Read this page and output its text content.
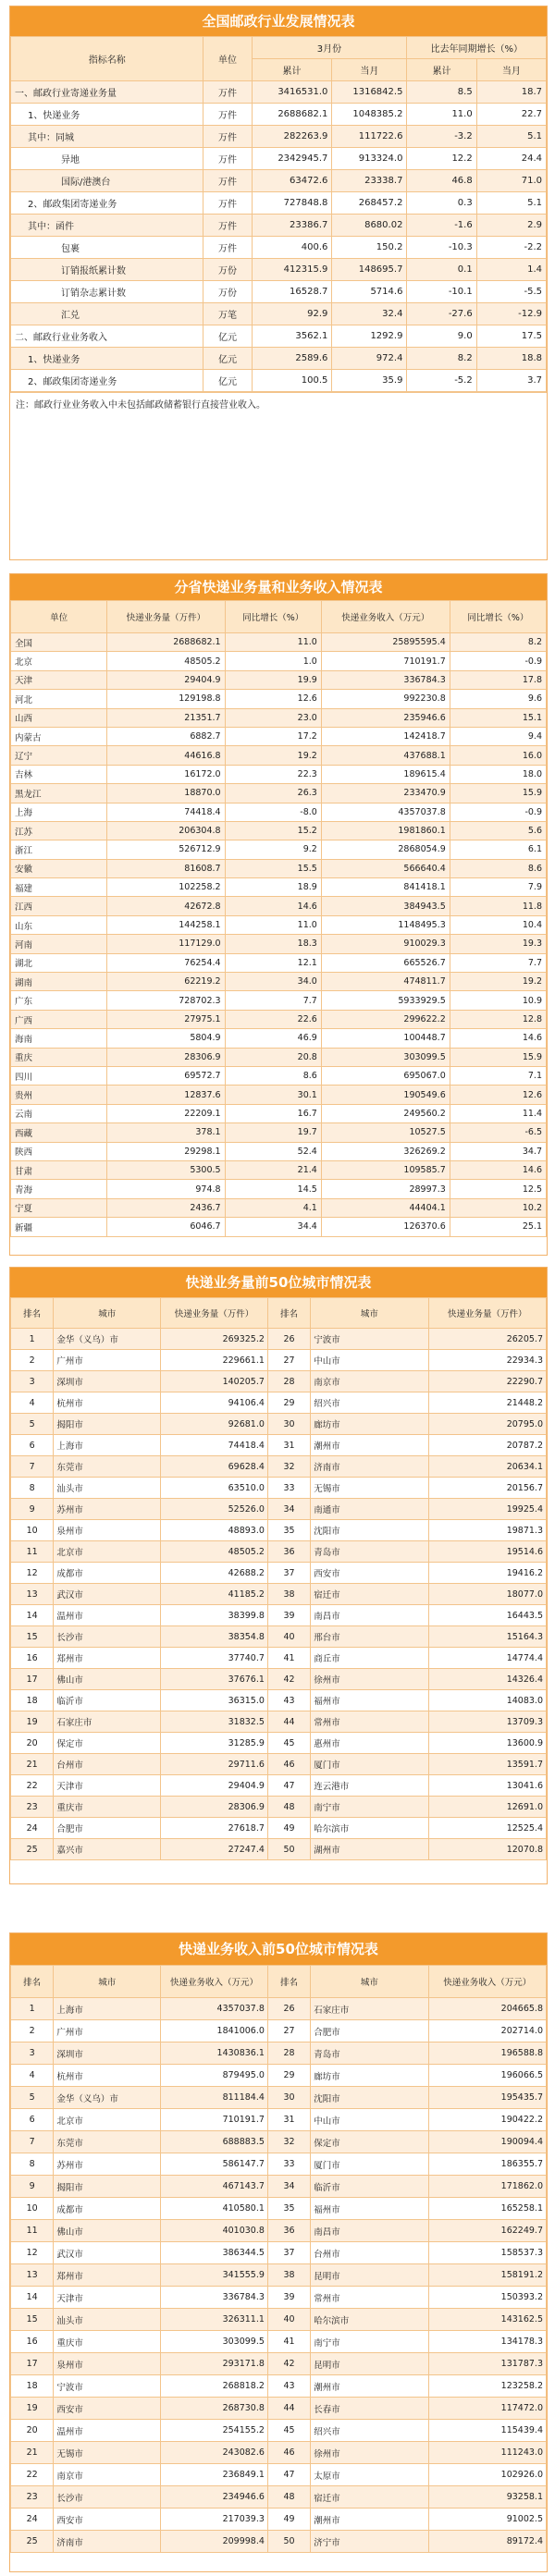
全国邮政行业发展情况表
指标名称	单位	3月份		比去年同期增长（%）	
		累计	当月	累计	当月
一、邮政行业寄递业务量	万件	3416531.0	1316842.5	8.5	18.7
1、快递业务	万件	2688682.1	1048385.2	11.0	22.7
其中：同城	万件	282263.9	111722.6	-3.2	5.1
异地	万件	2342945.7	913324.0	12.2	24.4
国际/港澳台	万件	63472.6	23338.7	46.8	71.0
2、邮政集团寄递业务	万件	727848.8	268457.2	0.3	5.1
其中：函件	万件	23386.7	8680.02	-1.6	2.9
包裹	万件	400.6	150.2	-10.3	-2.2
订销报纸累计数	万份	412315.9	148695.7	0.1	1.4
订销杂志累计数	万份	16528.7	5714.6	-10.1	-5.5
汇兑	万笔	92.9	32.4	-27.6	-12.9
二、邮政行业业务收入	亿元	3562.1	1292.9	9.0	17.5
1、快递业务	亿元	2589.6	972.4	8.2	18.8
2、邮政集团寄递业务	亿元	100.5	35.9	-5.2	3.7
注：邮政行业业务收入中未包括邮政储蓄银行直接营业收入。
分省快递业务量和业务收入情况表
单位	快递业务量（万件）	同比增长（%）	快递业务收入（万元）	同比增长（%）
全国	2688682.1	11.0	25895595.4	8.2
北京	48505.2	1.0	710191.7	-0.9
天津	29404.9	19.9	336784.3	17.8
河北	129198.8	12.6	992230.8	9.6
山西	21351.7	23.0	235946.6	15.1
内蒙古	6882.7	17.2	142418.7	9.4
辽宁	44616.8	19.2	437688.1	16.0
吉林	16172.0	22.3	189615.4	18.0
黑龙江	18870.0	26.3	233470.9	15.9
上海	74418.4	-8.0	4357037.8	-0.9
江苏	206304.8	15.2	1981860.1	5.6
浙江	526712.9	9.2	2868054.9	6.1
安徽	81608.7	15.5	566640.4	8.6
福建	102258.2	18.9	841418.1	7.9
江西	42672.8	14.6	384943.5	11.8
山东	144258.1	11.0	1148495.3	10.4
河南	117129.0	18.3	910029.3	19.3
湖北	76254.4	12.1	665526.7	7.7
湖南	62219.2	34.0	474811.7	19.2
广东	728702.3	7.7	5933929.5	10.9
广西	27975.1	22.6	299622.2	12.8
海南	5804.9	46.9	100448.7	14.6
重庆	28306.9	20.8	303099.5	15.9
四川	69572.7	8.6	695067.0	7.1
贵州	12837.6	30.1	190549.6	12.6
云南	22209.1	16.7	249560.2	11.4
西藏	378.1	19.7	10527.5	-6.5
陕西	29298.1	52.4	326269.2	34.7
甘肃	5300.5	21.4	109585.7	14.6
青海	974.8	14.5	28997.3	12.5
宁夏	2436.7	4.1	44404.1	10.2
新疆	6046.7	34.4	126370.6	25.1
快递业务量前50位城市情况表
排名	城市	快递业务量（万件）	排名	城市	快递业务量（万件）
1	金华（义乌）市	269325.2	26	宁波市	26205.7
2	广州市	229661.1	27	中山市	22934.3
3	深圳市	140205.7	28	南京市	22290.7
4	杭州市	94106.4	29	绍兴市	21448.2
5	揭阳市	92681.0	30	廊坊市	20795.0
6	上海市	74418.4	31	潮州市	20787.2
7	东莞市	69628.4	32	济南市	20634.1
8	汕头市	63510.0	33	无锡市	20156.7
9	苏州市	52526.0	34	南通市	19925.4
10	泉州市	48893.0	35	沈阳市	19871.3
11	北京市	48505.2	36	青岛市	19514.6
12	成都市	42688.2	37	西安市	19416.2
13	武汉市	41185.2	38	宿迁市	18077.0
14	温州市	38399.8	39	南昌市	16443.5
15	长沙市	38354.8	40	邢台市	15164.3
16	郑州市	37740.7	41	商丘市	14774.4
17	佛山市	37676.1	42	徐州市	14326.4
18	临沂市	36315.0	43	福州市	14083.0
19	石家庄市	31832.5	44	常州市	13709.3
20	保定市	31285.9	45	惠州市	13600.9
21	台州市	29711.6	46	厦门市	13591.7
22	天津市	29404.9	47	连云港市	13041.6
23	重庆市	28306.9	48	南宁市	12691.0
24	合肥市	27618.7	49	哈尔滨市	12525.4
25	嘉兴市	27247.4	50	湖州市	12070.8
快递业务收入前50位城市情况表
排名	城市	快递业务收入（万元）	排名	城市	快递业务收入（万元）
1	上海市	4357037.8	26	石家庄市	204665.8
2	广州市	1841006.0	27	合肥市	202714.0
3	深圳市	1430836.1	28	青岛市	196588.8
4	杭州市	879495.0	29	廊坊市	196066.5
5	金华（义乌）市	811184.4	30	沈阳市	195435.7
6	北京市	710191.7	31	中山市	190422.2
7	东莞市	688883.5	32	保定市	190094.4
8	苏州市	586147.7	33	厦门市	186355.7
9	揭阳市	467143.7	34	临沂市	171862.0
10	成都市	410580.1	35	福州市	165258.1
11	佛山市	401030.8	36	南昌市	162249.7
12	武汉市	386344.5	37	台州市	158537.3
13	郑州市	341555.9	38	昆明市	158191.2
14	天津市	336784.3	39	常州市	150393.2
15	汕头市	326311.1	40	哈尔滨市	143162.5
16	重庆市	303099.5	41	南宁市	134178.3
17	泉州市	293171.8	42	昆明市	131787.3
18	宁波市	268818.2	43	潮州市	123258.2
19	西安市	268730.8	44	长春市	117472.0
20	温州市	254155.2	45	绍兴市	115439.4
21	无锡市	243082.6	46	徐州市	111243.0
22	南京市	236849.1	47	太原市	102926.0
23	长沙市	234946.6	48	宿迁市	93258.1
24	西安市	217039.3	49	潮州市	91002.5
25	济南市	209998.4	50	济宁市	89172.4
